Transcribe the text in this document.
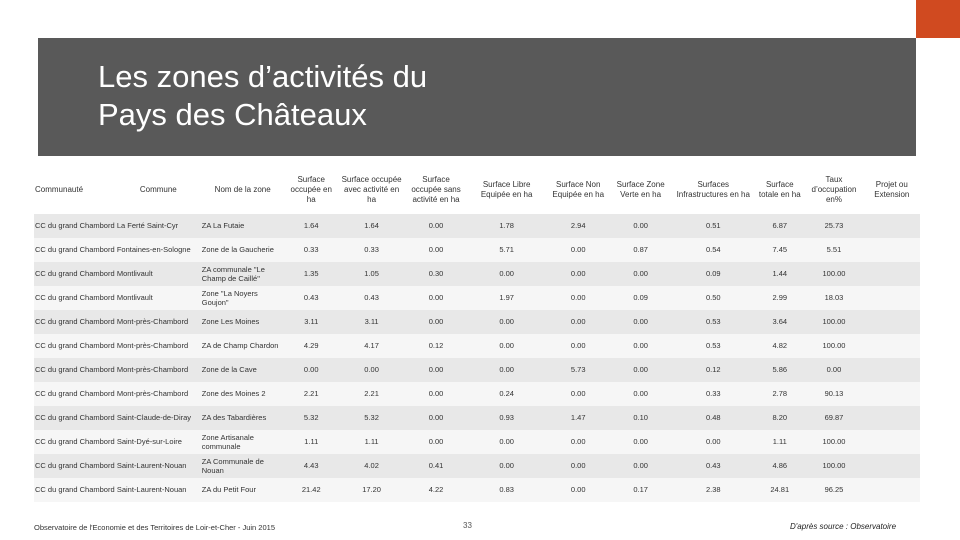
Les zones d’activités du
Pays des Châteaux
Communauté	Commune	Nom de la zone	Surface occupée en ha	Surface occupée avec activité en ha	Surface occupée sans activité en ha	Surface Libre Equipée en ha	Surface Non Equipée en ha	Surface Zone Verte en ha	Surfaces Infrastructures en ha	Surface totale en ha	Taux d’occupation en%	Projet ou Extension
CC du grand Chambord	La Ferté Saint-Cyr	ZA La Futaie	1.64	1.64	0.00	1.78	2.94	0.00	0.51	6.87	25.73	
CC du grand Chambord	Fontaines-en-Sologne	Zone de la Gaucherie	0.33	0.33	0.00	5.71	0.00	0.87	0.54	7.45	5.51	
CC du grand Chambord	Montlivault	ZA communale "Le Champ de Caillé"	1.35	1.05	0.30	0.00	0.00	0.00	0.09	1.44	100.00	
CC du grand Chambord	Montlivault	Zone "La Noyers Goujon"	0.43	0.43	0.00	1.97	0.00	0.09	0.50	2.99	18.03	
CC du grand Chambord	Mont-près-Chambord	Zone Les Moines	3.11	3.11	0.00	0.00	0.00	0.00	0.53	3.64	100.00	
CC du grand Chambord	Mont-près-Chambord	ZA de Champ Chardon	4.29	4.17	0.12	0.00	0.00	0.00	0.53	4.82	100.00	
CC du grand Chambord	Mont-près-Chambord	Zone de la Cave	0.00	0.00	0.00	0.00	5.73	0.00	0.12	5.86	0.00	
CC du grand Chambord	Mont-près-Chambord	Zone des Moines 2	2.21	2.21	0.00	0.24	0.00	0.00	0.33	2.78	90.13	
CC du grand Chambord	Saint-Claude-de-Diray	ZA des Tabardières	5.32	5.32	0.00	0.93	1.47	0.10	0.48	8.20	69.87	
CC du grand Chambord	Saint-Dyé-sur-Loire	Zone Artisanale communale	1.11	1.11	0.00	0.00	0.00	0.00	0.00	1.11	100.00	
CC du grand Chambord	Saint-Laurent-Nouan	ZA Communale de Nouan	4.43	4.02	0.41	0.00	0.00	0.00	0.43	4.86	100.00	
CC du grand Chambord	Saint-Laurent-Nouan	ZA du Petit Four	21.42	17.20	4.22	0.83	0.00	0.17	2.38	24.81	96.25	
Observatoire de l'Economie et des Territoires de Loir-et-Cher - Juin 2015	33	D'après source : Observatoire
